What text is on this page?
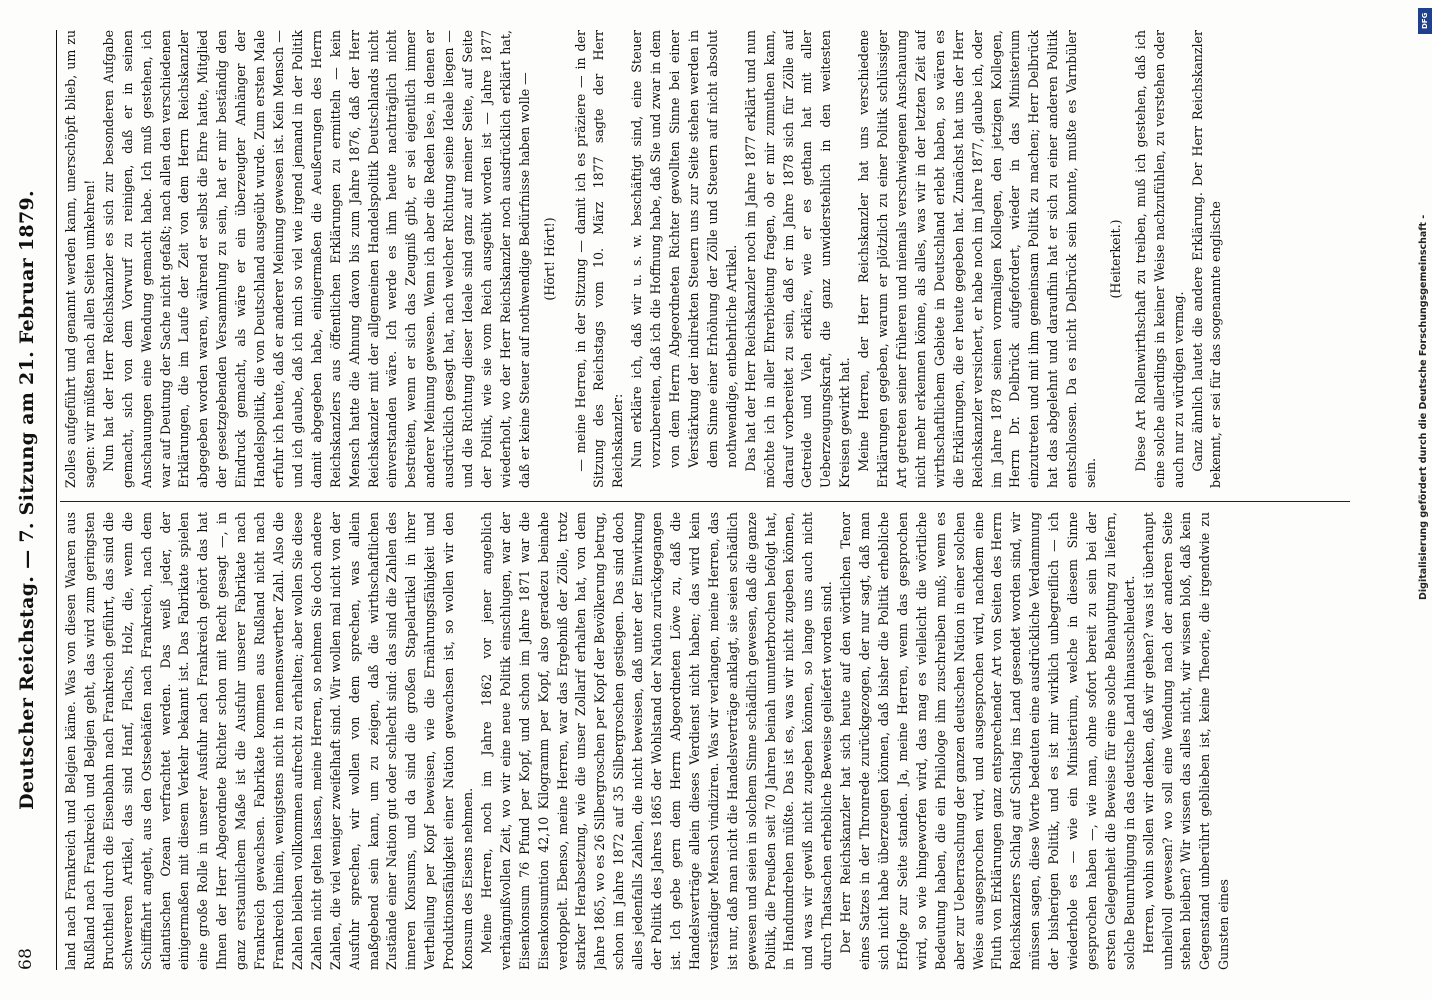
68
Deutscher Reichstag. — 7. Sitzung am 21. Februar 1879. land nach Frankreich und Belgien käme. Was von diesen Waaren aus Rußland nach Frankreich und Belgien geht, das wird zum geringsten Bruchtheil durch die Eisenbahn nach Frankreich geführt, das sind die schwereren Artikel, das sind Hanf, Flachs, Holz, die, wenn die Schifffahrt angeht, aus den Ostseehäfen nach Frankreich, nach dem atlantischen Ozean verfrachtet werden. Das weiß jeder, der einigermaßen mit diesem Verkehr bekannt ist. Das Fabrikate spielen eine große Rolle in unserer Ausfuhr nach Frankreich gehört das hat Ihnen der Herr Abgeordnete Richter schon mit Recht gesagt —, in ganz erstaunlichem Maße ist die Ausfuhr unserer Fabrikate nach Frankreich gewachsen. Fabrikate kommen aus Rußland nicht nach Frankreich hinein, wenigstens nicht in nennenswerther Zahl. Also die Zahlen bleiben vollkommen aufrecht zu erhalten; aber wollen Sie diese Zahlen nicht gelten lassen, meine Herren, so nehmen Sie doch andere Zahlen, die viel weniger zweifelhaft sind. Wir wollen mal nicht von der Ausfuhr sprechen, wir wollen von dem sprechen, was allein maßgebend sein kann, um zu zeigen, daß die wirthschaftlichen Zustände einer Nation gut oder schlecht sind: das sind die Zahlen des inneren Konsums, und da sind die großen Stapelartikel in ihrer Vertheilung per Kopf beweisen, wie die Ernährungsfähigkeit und Produktionsfähigkeit einer Nation gewachsen ist, so wollen wir den Konsum des Eisens nehmen. Meine Herren, noch im Jahre 1862 vor jener angeblich verhängnißvollen Zeit, wo wir eine neue Politik einschlugen, war der Eisenkonsum 76 Pfund per Kopf, und schon im Jahre 1871 war die Eisenkonsumtion 42,10 Kilogramm per Kopf, also geradezu beinahe verdoppelt. Ebenso, meine Herren, war das Ergebniß der Zölle, trotz starker Herabsetzung, wie die unser Zollarif erhalten hat, von dem Jahre 1865, wo es 26 Silbergroschen per Kopf der Bevölkerung betrug, schon im Jahre 1872 auf 35 Silbergroschen gestiegen. Das sind doch alles jedenfalls Zahlen, die nicht beweisen, daß unter der Einwirkung der Politik des Jahres 1865 der Wohlstand der Nation zurückgegangen ist. Ich gebe gern dem Herrn Abgeordneten Löwe zu, daß die Handelsverträge allein dieses Verdienst nicht haben; das wird kein verständiger Mensch vindiziren. Was wir verlangen, meine Herren, das ist nur, daß man nicht die Handelsverträge anklagt, sie seien schädlich gewesen und seien in solchem Sinne schädlich gewesen, daß die ganze Politik, die Preußen seit 70 Jahren beinah ununterbrochen befolgt hat, in Handumdrehen müßte. Das ist es, was wir nicht zugeben können, und was wir gewiß nicht zugeben können, so lange uns auch nicht durch Thatsachen erhebliche Beweise geliefert worden sind. Der Herr Reichskanzler hat sich heute auf den wörtlichen Tenor eines Satzes in der Thronrede zurückgezogen, der nur sagt, daß man sich nicht habe überzeugen können, daß bisher die Politik erhebliche Erfolge zur Seite standen. Ja, meine Herren, wenn das gesprochen wird, so wie hingeworfen wird, das mag es vielleicht die wörtliche Bedeutung haben, die ein Philologe ihm zuschreiben muß; wenn es aber zur Ueberraschung der ganzen deutschen Nation in einer solchen Weise ausgesprochen wird, und ausgesprochen wird, nachdem eine Fluth von Erklärungen ganz entsprechender Art von Seiten des Herrn Reichskanzlers Schlag auf Schlag ins Land gesendet worden sind, wir müssen sagen, diese Worte bedeuten eine ausdrückliche Verdammung der bisherigen Politik, und es ist mir wirklich unbegreiflich — ich wiederhole es — wie ein Ministerium, welche in diesem Sinne gesprochen haben —, wie man, ohne sofort bereit zu sein bei der ersten Gelegenheit die Beweise für eine solche Behauptung zu liefern, solche Beunruhigung in das deutsche Land hinausschleudert. Herren, wohin sollen wir denken, daß wir gehen? was ist überhaupt unheilvoll gewesen? wo soll eine Wendung nach der anderen Seite stehen bleiben? Wir wissen das alles nicht, wir wissen bloß, daß kein Gegenstand unberührt geblieben ist, keine Theorie, die irgendwie zu Gunsten eines

Zolles aufgeführt und genannt werden kann, unerschöpft blieb, um zu sagen: wir müßten nach allen Seiten umkehren! Nun hat der Herr Reichskanzler es sich zur besonderen Aufgabe gemacht, sich von dem Vorwurf zu reinigen, daß er in seinen Anschauungen eine Wendung gemacht habe. Ich muß gestehen, ich war auf Deutung der Sache nicht gefaßt; nach allen den verschiedenen Erklärungen, die im Laufe der Zeit von dem Herrn Reichskanzler abgegeben worden waren, während er selbst die Ehre hatte, Mitglied der gesetzgebenden Versammlung zu sein, hat er mir beständig den Eindruck gemacht, als wäre er ein überzeugter Anhänger der Handelspolitik, die von Deutschland ausgeübt wurde. Zum ersten Male erfuhr ich heute, daß er anderer Meinung gewesen ist. Kein Mensch — und ich glaube, daß ich mich so viel wie irgend jemand in der Politik damit abgegeben habe, einigermaßen die Aeußerungen des Herrn Reichskanzlers aus öffentlichen Erklärungen zu ermitteln — kein Mensch hatte die Ahnung davon bis zum Jahre 1876, daß der Herr Reichskanzler mit der allgemeinen Handelspolitik Deutschlands nicht einverstanden wäre. Ich werde es ihm heute nachträglich nicht bestreiten, wenn er sich das Zeugniß gibt, er sei eigentlich immer anderer Meinung gewesen. Wenn ich aber die Reden lese, in denen er ausdrücklich gesagt hat, nach welcher Richtung seine Ideale liegen — und die Richtung dieser Ideale sind ganz auf meiner Seite, auf Seite der Politik, wie sie vom Reich ausgeübt worden ist — Jahre 1877 wiederholt, wo der Herr Reichskanzler noch ausdrücklich erklärt hat, daß er keine Steuer auf nothwendige Bedürfnisse haben wolle — (Hört! Hört!) — meine Herren, in der Sitzung — damit ich es präziere — in der Sitzung des Reichstags vom 10. März 1877 sagte der Herr Reichskanzler: Nun erkläre ich, daß wir u. s. w. beschäftigt sind, eine Steuer vorzubereiten, daß ich die Hoffnung habe, daß Sie und zwar in dem von dem Herrn Abgeordneten Richter gewollten Sinne bei einer Verstärkung der indirekten Steuern uns zur Seite stehen werden in dem Sinne einer Erhöhung der Zölle und Steuern auf nicht absolut nothwendige, entbehrliche Artikel. Das hat der Herr Reichskanzler noch im Jahre 1877 erklärt und nun möchte ich in aller Ehrerbietung fragen, ob er mir zumuthen kann, darauf vorbereitet zu sein, daß er im Jahre 1878 sich für Zölle auf Getreide und Vieh erkläre, wie er es gethan hat mit aller Ueberzeugungskraft, die ganz unwiderstehlich in den weitesten Kreisen gewirkt hat. Meine Herren, der Herr Reichskanzler hat uns verschiedene Erklärungen gegeben, warum er plötzlich zu einer Politik schlüssiger Art getreten seiner früheren und niemals verschwiegenen Anschauung nicht mehr erkennen könne, als alles, was wir in der letzten Zeit auf wirthschaftlichem Gebiete in Deutschland erlebt haben, so wären es die Erklärungen, die er heute gegeben hat. Zunächst hat uns der Herr Reichskanzler versichert, er habe noch im Jahre 1877, glaube ich, oder im Jahre 1878 seinen vormaligen Kollegen, den jetzigen Kollegen, Herrn Dr. Delbrück aufgefordert, wieder in das Ministerium einzutreten und mit ihm gemeinsam Politik zu machen; Herr Delbrück hat das abgelehnt und daraufhin hat er sich zu einer anderen Politik entschlossen. Da es nicht Delbrück sein konnte, mußte es Varnbüler sein.

(Heiterkeit.) Diese Art Rollenwirthschaft zu treiben, muß ich gestehen, daß ich eine solche allerdings in keiner Weise nachzufühlen, zu verstehen oder auch nur zu würdigen vermag. Ganz ähnlich lautet die andere Erklärung. Der Herr Reichskanzler bekennt, er sei für das sogenannte englische

DFG
Digitalisierung gefördert durch die Deutsche Forschungsgemeinschaft -
